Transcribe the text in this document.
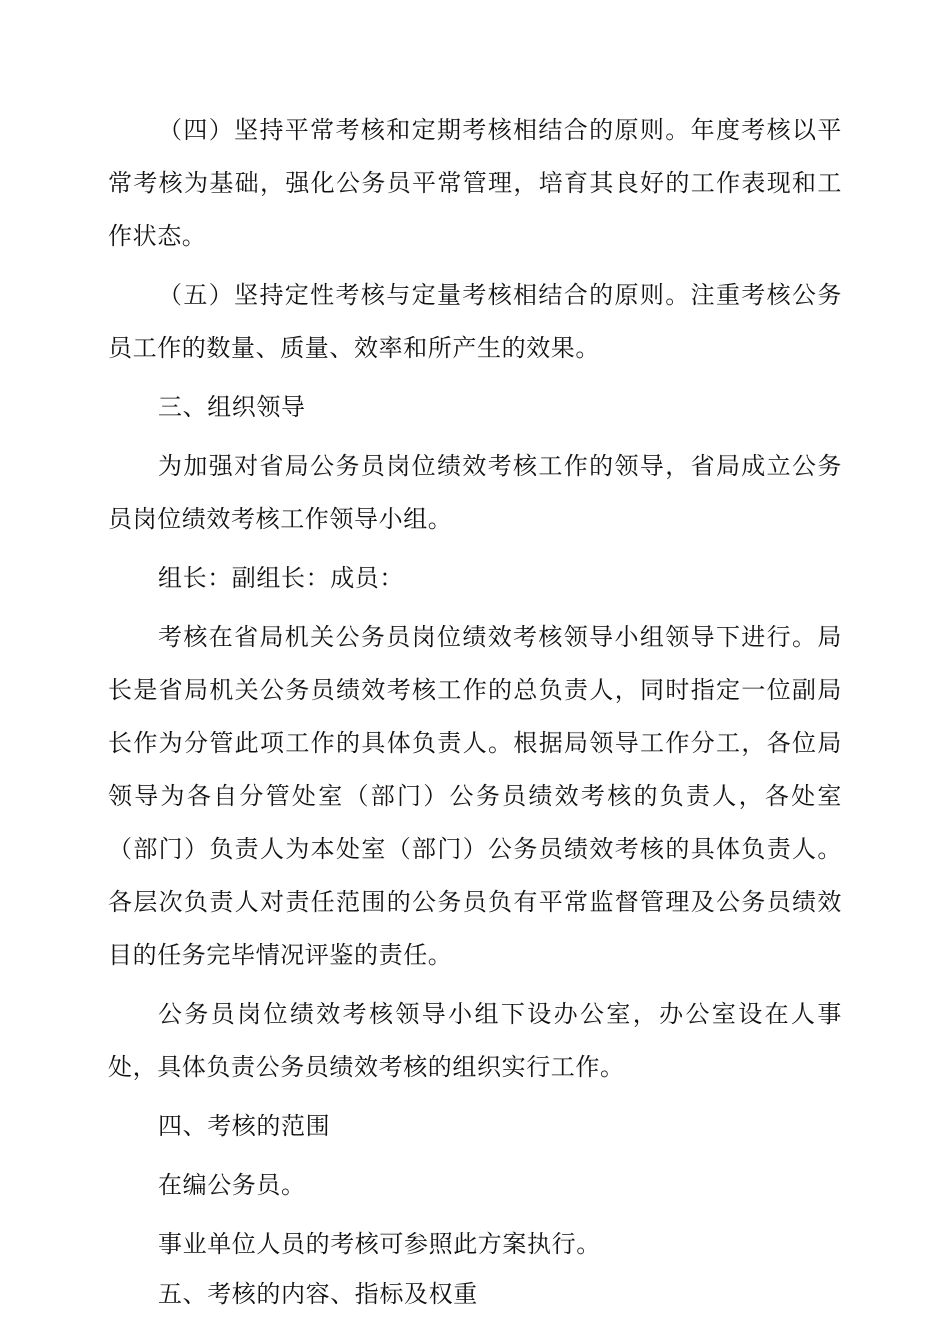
（四）坚持平常考核和定期考核相结合的原则。年度考核以平常考核为基础，强化公务员平常管理，培育其良好的工作表现和工作状态。

（五）坚持定性考核与定量考核相结合的原则。注重考核公务员工作的数量、质量、效率和所产生的效果。

三、组织领导

为加强对省局公务员岗位绩效考核工作的领导，省局成立公务员岗位绩效考核工作领导小组。

组长：副组长：成员：

考核在省局机关公务员岗位绩效考核领导小组领导下进行。局长是省局机关公务员绩效考核工作的总负责人，同时指定一位副局长作为分管此项工作的具体负责人。根据局领导工作分工，各位局领导为各自分管处室（部门）公务员绩效考核的负责人，各处室（部门）负责人为本处室（部门）公务员绩效考核的具体负责人。各层次负责人对责任范围的公务员负有平常监督管理及公务员绩效目的任务完毕情况评鉴的责任。

公务员岗位绩效考核领导小组下设办公室，办公室设在人事处，具体负责公务员绩效考核的组织实行工作。

四、考核的范围

在编公务员。

事业单位人员的考核可参照此方案执行。

五、考核的内容、指标及权重
